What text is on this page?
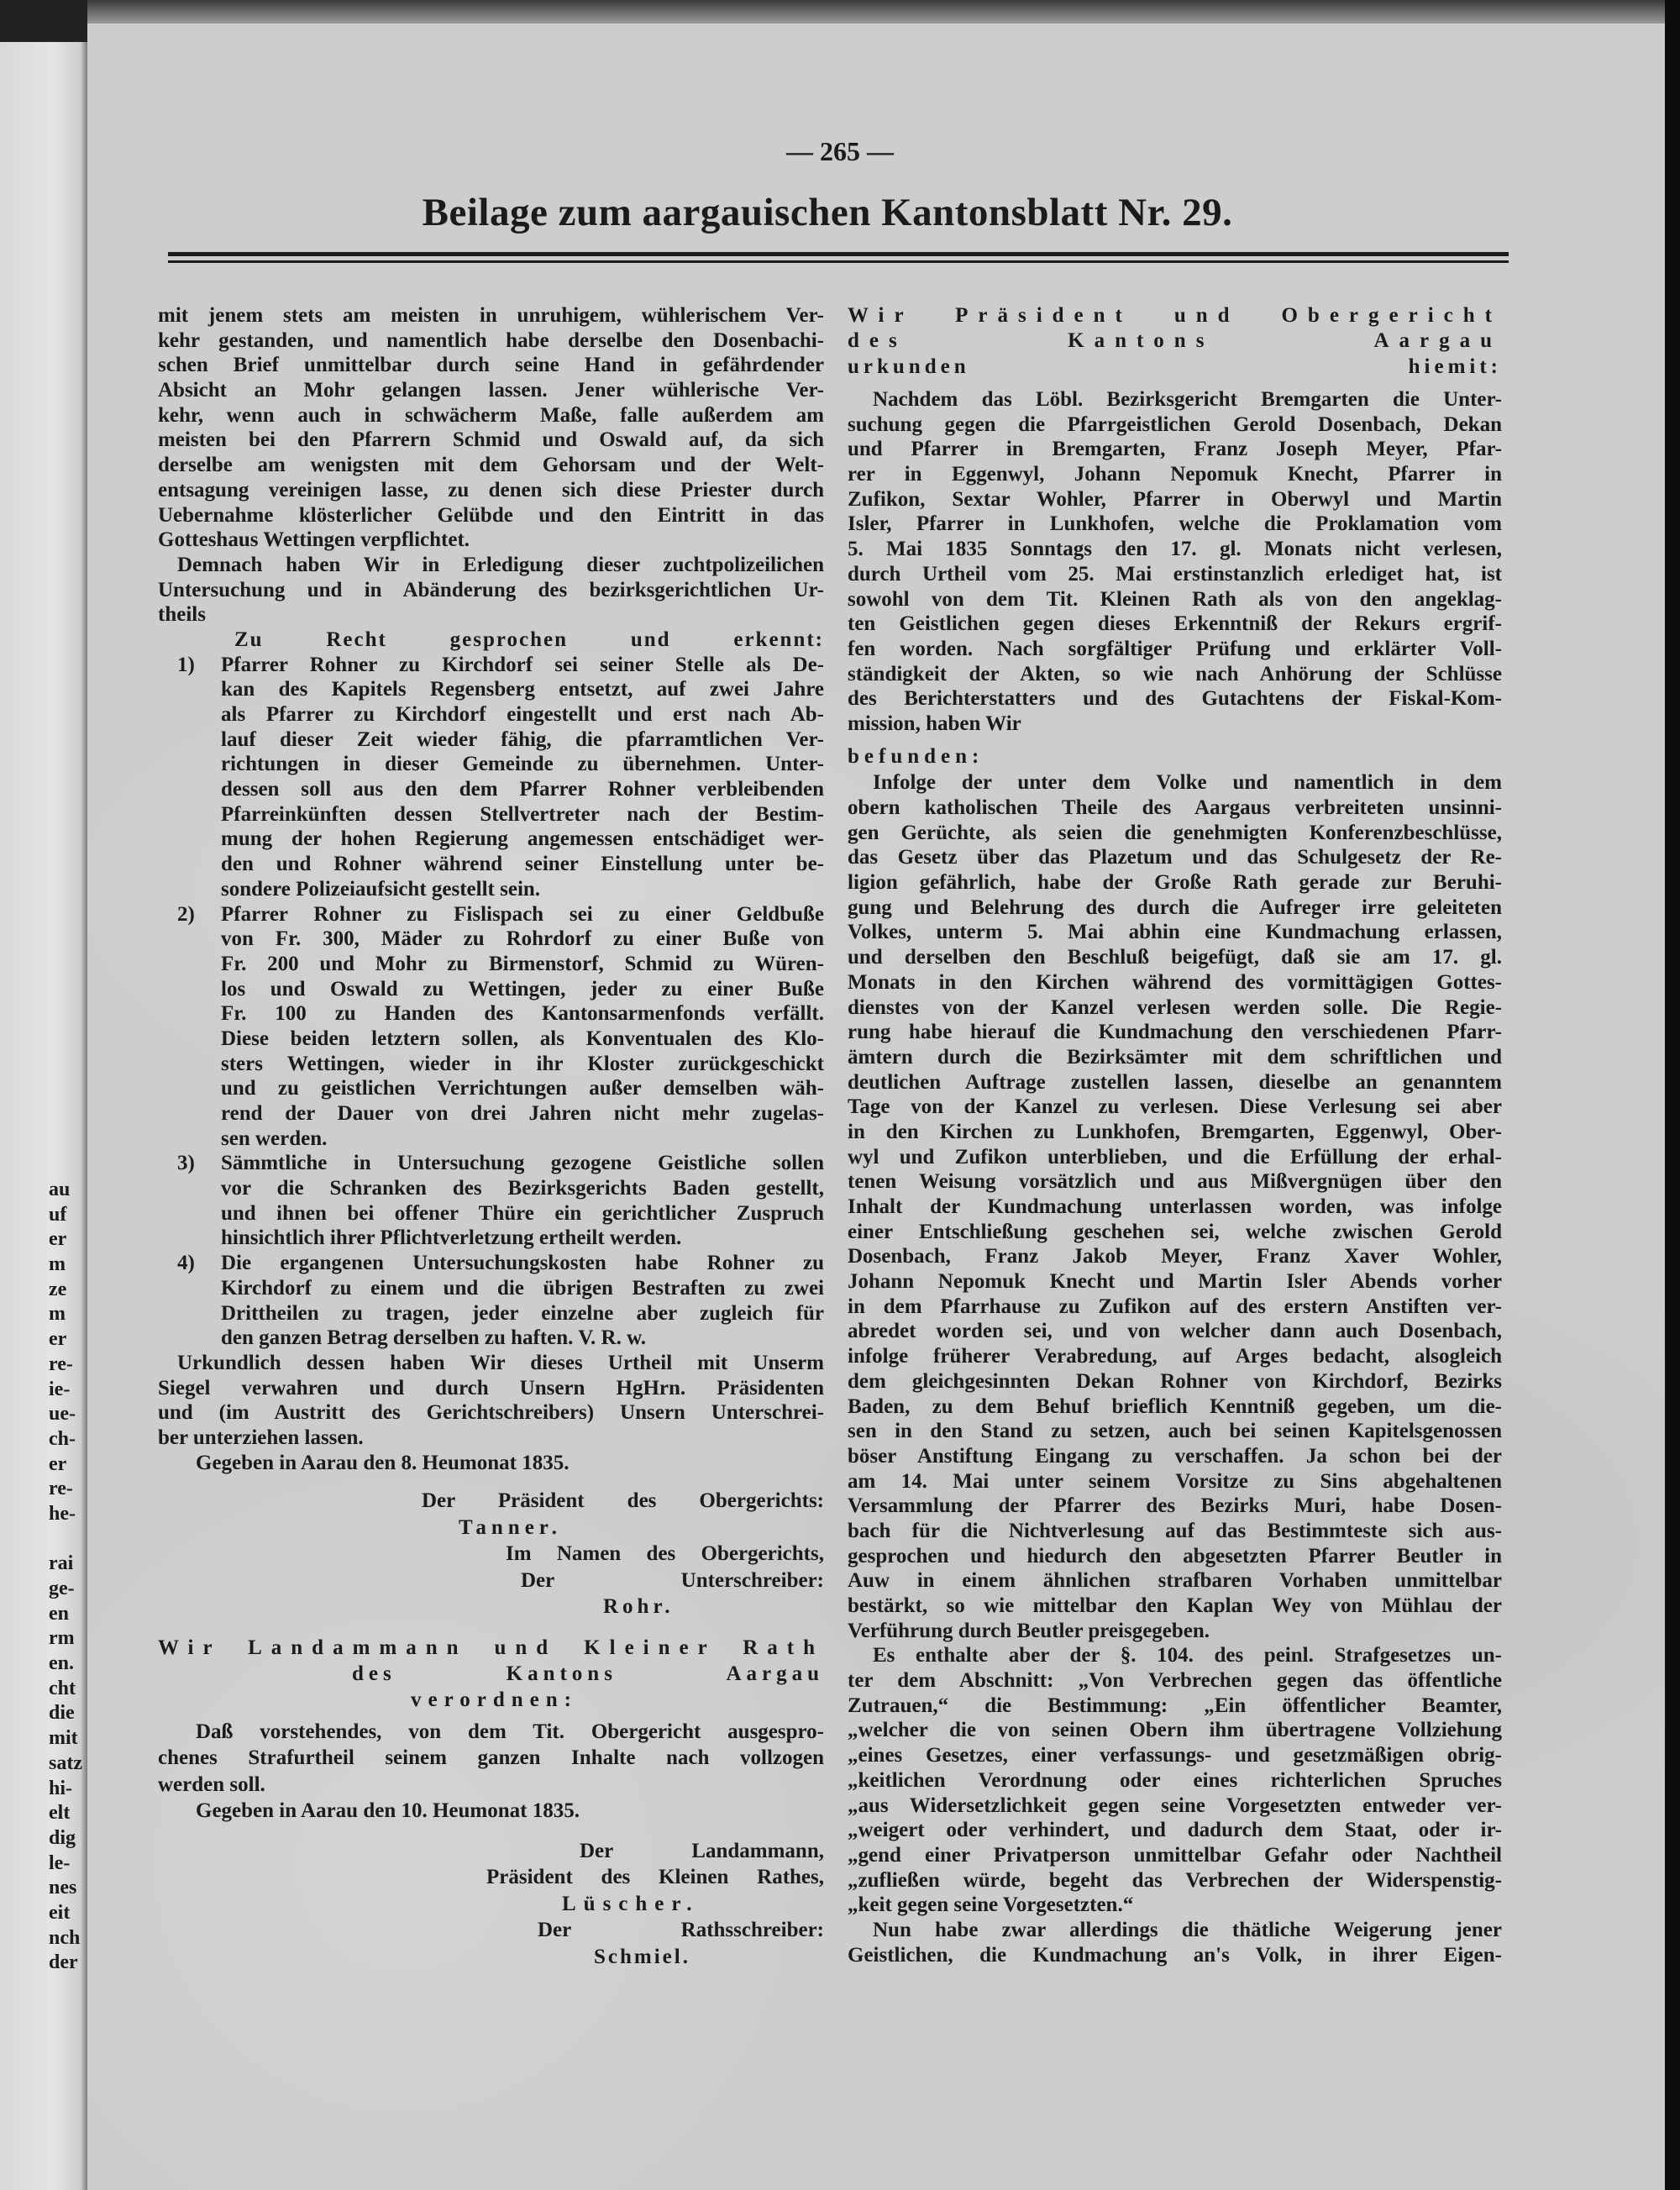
au
uf
er
m
ze
m
er
re-
ie-
ue-
ch-
er
re-
he-
rai
ge-
en
rm
en.
cht
die
mit
satz
hi-
elt
dig
le-
nes
eit
nch
der
— 265 —
Beilage zum aargauischen Kantonsblatt Nr. 29.
mit jenem stets am meisten in unruhigem, wühlerischem Ver-
kehr gestanden, und namentlich habe derselbe den Dosenbachi-
schen Brief unmittelbar durch seine Hand in gefährdender
Absicht an Mohr gelangen lassen. Jener wühlerische Ver-
kehr, wenn auch in schwächerm Maße, falle außerdem am
meisten bei den Pfarrern Schmid und Oswald auf, da sich
derselbe am wenigsten mit dem Gehorsam und der Welt-
entsagung vereinigen lasse, zu denen sich diese Priester durch
Uebernahme klösterlicher Gelübde und den Eintritt in das
Gotteshaus Wettingen verpflichtet.
Demnach haben Wir in Erledigung dieser zuchtpolizeilichen
Untersuchung und in Abänderung des bezirksgerichtlichen Ur-
theils
Zu Recht gesprochen und erkennt:
Pfarrer Rohner zu Kirchdorf sei seiner Stelle als De-
1)
kan des Kapitels Regensberg entsetzt, auf zwei Jahre
als Pfarrer zu Kirchdorf eingestellt und erst nach Ab-
lauf dieser Zeit wieder fähig, die pfarramtlichen Ver-
richtungen in dieser Gemeinde zu übernehmen. Unter-
dessen soll aus den dem Pfarrer Rohner verbleibenden
Pfarreinkünften dessen Stellvertreter nach der Bestim-
mung der hohen Regierung angemessen entschädiget wer-
den und Rohner während seiner Einstellung unter be-
sondere Polizeiaufsicht gestellt sein.
Pfarrer Rohner zu Fislispach sei zu einer Geldbuße
2)
von Fr. 300, Mäder zu Rohrdorf zu einer Buße von
Fr. 200 und Mohr zu Birmenstorf, Schmid zu Würen-
los und Oswald zu Wettingen, jeder zu einer Buße
Fr. 100 zu Handen des Kantonsarmenfonds verfällt.
Diese beiden letztern sollen, als Konventualen des Klo-
sters Wettingen, wieder in ihr Kloster zurückgeschickt
und zu geistlichen Verrichtungen außer demselben wäh-
rend der Dauer von drei Jahren nicht mehr zugelas-
sen werden.
Sämmtliche in Untersuchung gezogene Geistliche sollen
3)
vor die Schranken des Bezirksgerichts Baden gestellt,
und ihnen bei offener Thüre ein gerichtlicher Zuspruch
hinsichtlich ihrer Pflichtverletzung ertheilt werden.
Die ergangenen Untersuchungskosten habe Rohner zu
4)
Kirchdorf zu einem und die übrigen Bestraften zu zwei
Drittheilen zu tragen, jeder einzelne aber zugleich für
den ganzen Betrag derselben zu haften. V. R. w.
Urkundlich dessen haben Wir dieses Urtheil mit Unserm
Siegel verwahren und durch Unsern HgHrn. Präsidenten
und (im Austritt des Gerichtschreibers) Unsern Unterschrei-
ber unterziehen lassen.
Gegeben in Aarau den 8. Heumonat 1835.
Der Präsident des Obergerichts:
Tanner.
Im Namen des Obergerichts,
Der Unterschreiber:
Rohr.
Wir Landammann und Kleiner Rath
des Kantons Aargau
verordnen:
Daß vorstehendes, von dem Tit. Obergericht ausgespro-
chenes Strafurtheil seinem ganzen Inhalte nach vollzogen
werden soll.
Gegeben in Aarau den 10. Heumonat 1835.
Der Landammann,
Präsident des Kleinen Rathes,
Lüscher.
Der Rathsschreiber:
Schmiel.
Wir Präsident und Obergericht
des Kantons Aargau
urkunden hiemit:
Nachdem das Löbl. Bezirksgericht Bremgarten die Unter-
suchung gegen die Pfarrgeistlichen Gerold Dosenbach, Dekan
und Pfarrer in Bremgarten, Franz Joseph Meyer, Pfar-
rer in Eggenwyl, Johann Nepomuk Knecht, Pfarrer in
Zufikon, Sextar Wohler, Pfarrer in Oberwyl und Martin
Isler, Pfarrer in Lunkhofen, welche die Proklamation vom
5. Mai 1835 Sonntags den 17. gl. Monats nicht verlesen,
durch Urtheil vom 25. Mai erstinstanzlich erlediget hat, ist
sowohl von dem Tit. Kleinen Rath als von den angeklag-
ten Geistlichen gegen dieses Erkenntniß der Rekurs ergrif-
fen worden. Nach sorgfältiger Prüfung und erklärter Voll-
ständigkeit der Akten, so wie nach Anhörung der Schlüsse
des Berichterstatters und des Gutachtens der Fiskal-Kom-
mission, haben Wir
befunden:
Infolge der unter dem Volke und namentlich in dem
obern katholischen Theile des Aargaus verbreiteten unsinni-
gen Gerüchte, als seien die genehmigten Konferenzbeschlüsse,
das Gesetz über das Plazetum und das Schulgesetz der Re-
ligion gefährlich, habe der Große Rath gerade zur Beruhi-
gung und Belehrung des durch die Aufreger irre geleiteten
Volkes, unterm 5. Mai abhin eine Kundmachung erlassen,
und derselben den Beschluß beigefügt, daß sie am 17. gl.
Monats in den Kirchen während des vormittägigen Gottes-
dienstes von der Kanzel verlesen werden solle. Die Regie-
rung habe hierauf die Kundmachung den verschiedenen Pfarr-
ämtern durch die Bezirksämter mit dem schriftlichen und
deutlichen Auftrage zustellen lassen, dieselbe an genanntem
Tage von der Kanzel zu verlesen. Diese Verlesung sei aber
in den Kirchen zu Lunkhofen, Bremgarten, Eggenwyl, Ober-
wyl und Zufikon unterblieben, und die Erfüllung der erhal-
tenen Weisung vorsätzlich und aus Mißvergnügen über den
Inhalt der Kundmachung unterlassen worden, was infolge
einer Entschließung geschehen sei, welche zwischen Gerold
Dosenbach, Franz Jakob Meyer, Franz Xaver Wohler,
Johann Nepomuk Knecht und Martin Isler Abends vorher
in dem Pfarrhause zu Zufikon auf des erstern Anstiften ver-
abredet worden sei, und von welcher dann auch Dosenbach,
infolge früherer Verabredung, auf Arges bedacht, alsogleich
dem gleichgesinnten Dekan Rohner von Kirchdorf, Bezirks
Baden, zu dem Behuf brieflich Kenntniß gegeben, um die-
sen in den Stand zu setzen, auch bei seinen Kapitelsgenossen
böser Anstiftung Eingang zu verschaffen. Ja schon bei der
am 14. Mai unter seinem Vorsitze zu Sins abgehaltenen
Versammlung der Pfarrer des Bezirks Muri, habe Dosen-
bach für die Nichtverlesung auf das Bestimmteste sich aus-
gesprochen und hiedurch den abgesetzten Pfarrer Beutler in
Auw in einem ähnlichen strafbaren Vorhaben unmittelbar
bestärkt, so wie mittelbar den Kaplan Wey von Mühlau der
Verführung durch Beutler preisgegeben.
Es enthalte aber der §. 104. des peinl. Strafgesetzes un-
ter dem Abschnitt: „Von Verbrechen gegen das öffentliche
Zutrauen,“ die Bestimmung: „Ein öffentlicher Beamter,
„welcher die von seinen Obern ihm übertragene Vollziehung
„eines Gesetzes, einer verfassungs- und gesetzmäßigen obrig-
„keitlichen Verordnung oder eines richterlichen Spruches
„aus Widersetzlichkeit gegen seine Vorgesetzten entweder ver-
„weigert oder verhindert, und dadurch dem Staat, oder ir-
„gend einer Privatperson unmittelbar Gefahr oder Nachtheil
„zufließen würde, begeht das Verbrechen der Widerspenstig-
„keit gegen seine Vorgesetzten.“
Nun habe zwar allerdings die thätliche Weigerung jener
Geistlichen, die Kundmachung an's Volk, in ihrer Eigen-
